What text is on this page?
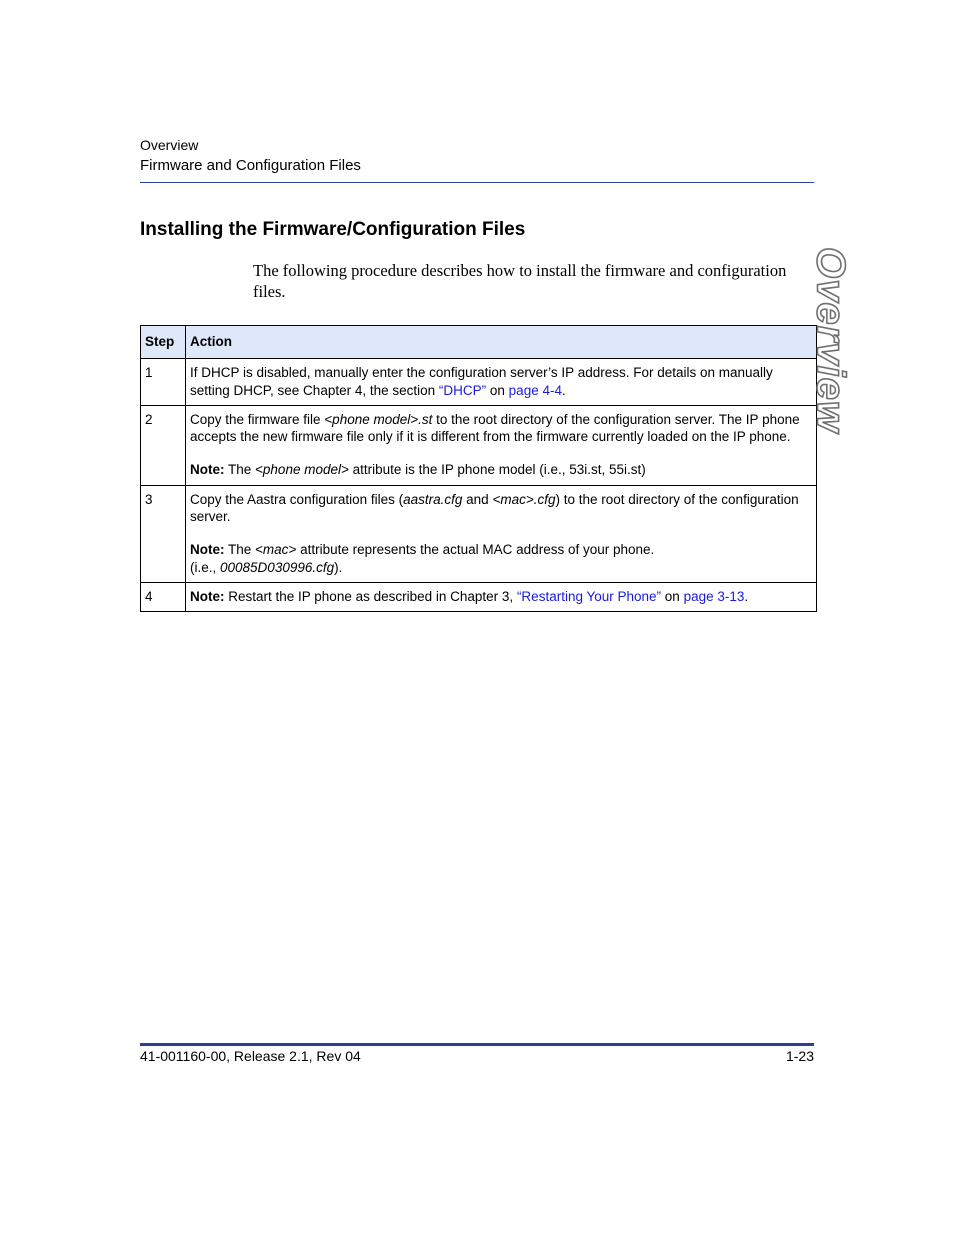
Overview
Firmware and Configuration Files
Installing the Firmware/Configuration Files
The following procedure describes how to install the firmware and configuration files.
Step	Action
1	If DHCP is disabled, manually enter the configuration server’s IP address. For details on manually setting DHCP, see Chapter 4, the section “DHCP” on page 4-4.
2	Copy the firmware file <phone model>.st to the root directory of the configuration server. The IP phone accepts the new firmware file only if it is different from the firmware currently loaded on the IP phone.
Note: The <phone model> attribute is the IP phone model (i.e., 53i.st, 55i.st)

3	Copy the Aastra configuration files (aastra.cfg and <mac>.cfg) to the root directory of the configuration server.
Note: The <mac> attribute represents the actual MAC address of your phone.
(i.e., 00085D030996.cfg).

4	Note: Restart the IP phone as described in Chapter 3, “Restarting Your Phone” on page 3-13.
Overview
41-001160-00, Release 2.1, Rev 04	1-23
